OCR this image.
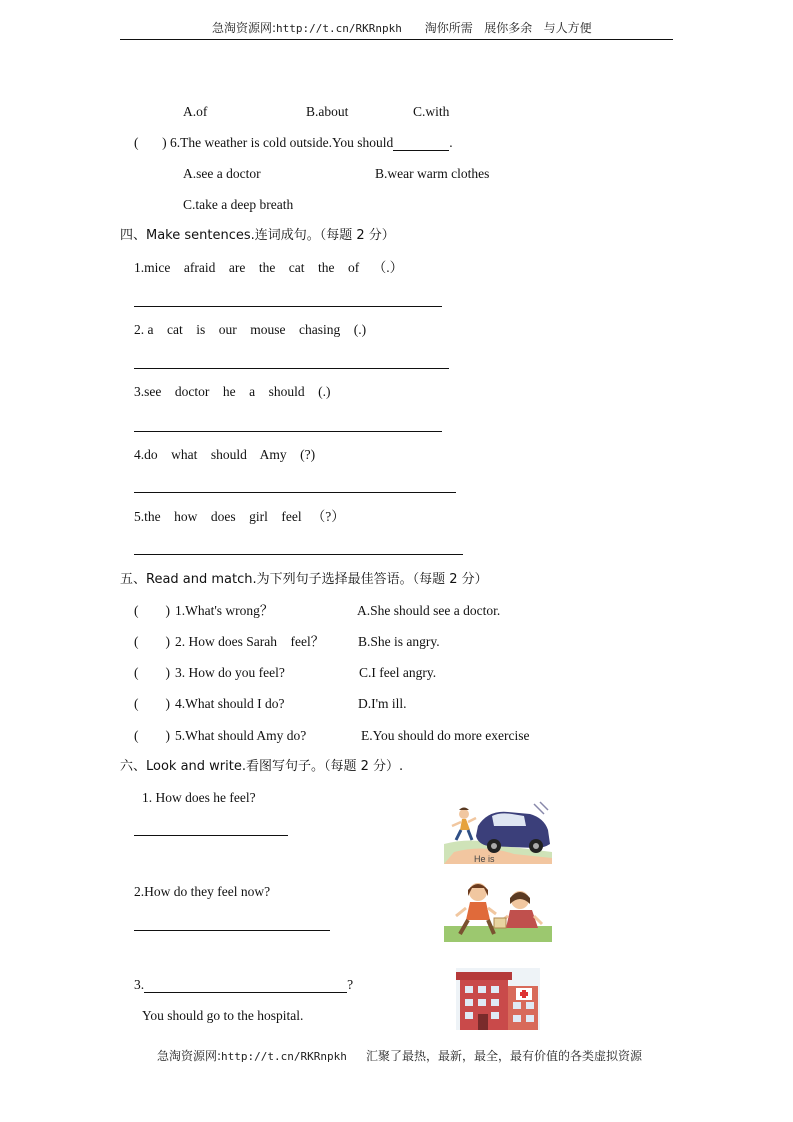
急淘资源网:http://t.cn/RKRnpkh 淘你所需   展你多余   与人方便
A.of	B.about	C.with
( ) 6.The weather is cold outside.You should	.
A.see a doctor	B.wear warm clothes
C.take a deep breath
四、Make sentences.连词成句。（每题 2 分）
1.mice    afraid    are    the    cat    the    of    （.）
2. a    cat    is    our    mouse    chasing    (.)
3.see    doctor    he    a    should    (.)
4.do    what    should    Amy    (?)
5.the    how    does    girl    feel   （?）
五、Read and match.为下列句子选择最佳答语。（每题 2 分）
(        ) 1.What's wrong？	A.She should see a doctor.
(        ) 2. How does Sarah    feel？	B.She is angry.
(        ) 3. How do you feel?	C.I feel angry.
(        ) 4.What should I do?	D.I'm ill.
(        ) 5.What should Amy do?	E.You should do more exercise
六、Look and write.看图写句子。（每题 2 分）.
1. How does he feel?
He is
2.How do they feel now?
3.	?
You should go to the hospital.
急淘资源网:http://t.cn/RKRnpkh 汇聚了最热，最新，最全，最有价值的各类虚拟资源
